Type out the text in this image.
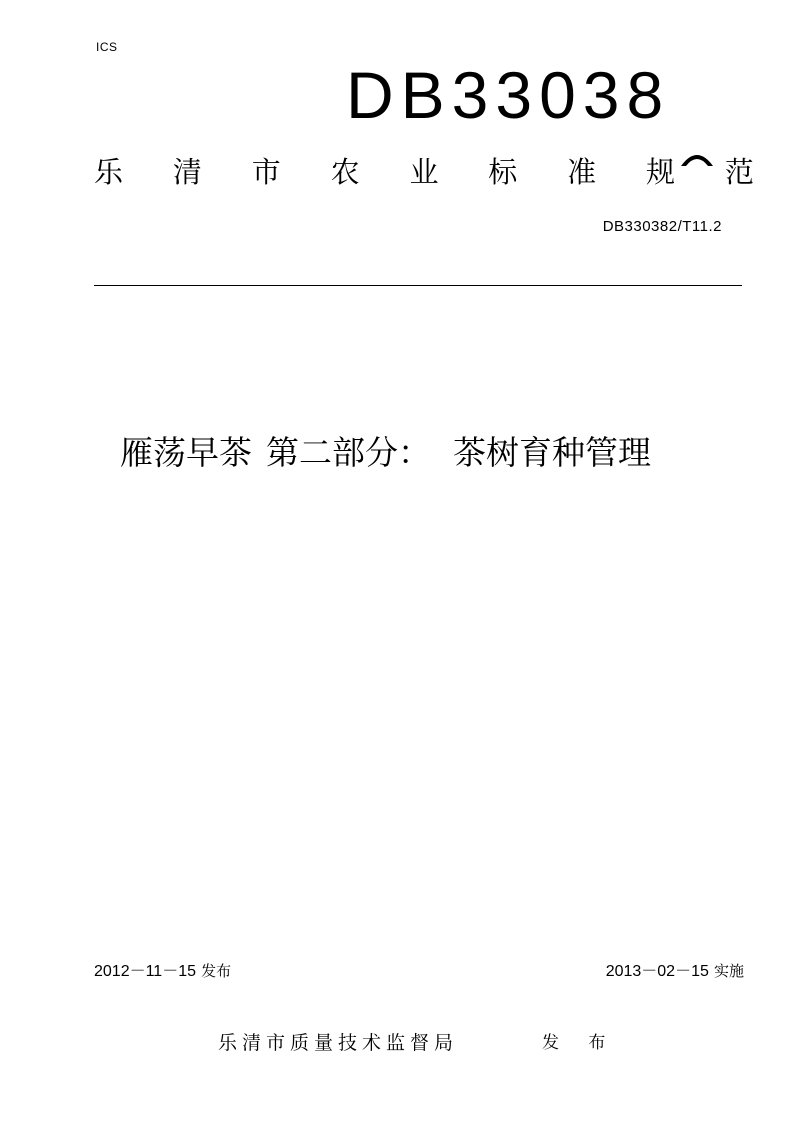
ICS
DB33038
乐 清 市 农 业 标 准 规 范
DB330382/T11.2
雁荡早茶 第二部分： 茶树育种管理
2012－11－15 发布	2013－02－15 实施
乐清市质量技术监督局	发 布
